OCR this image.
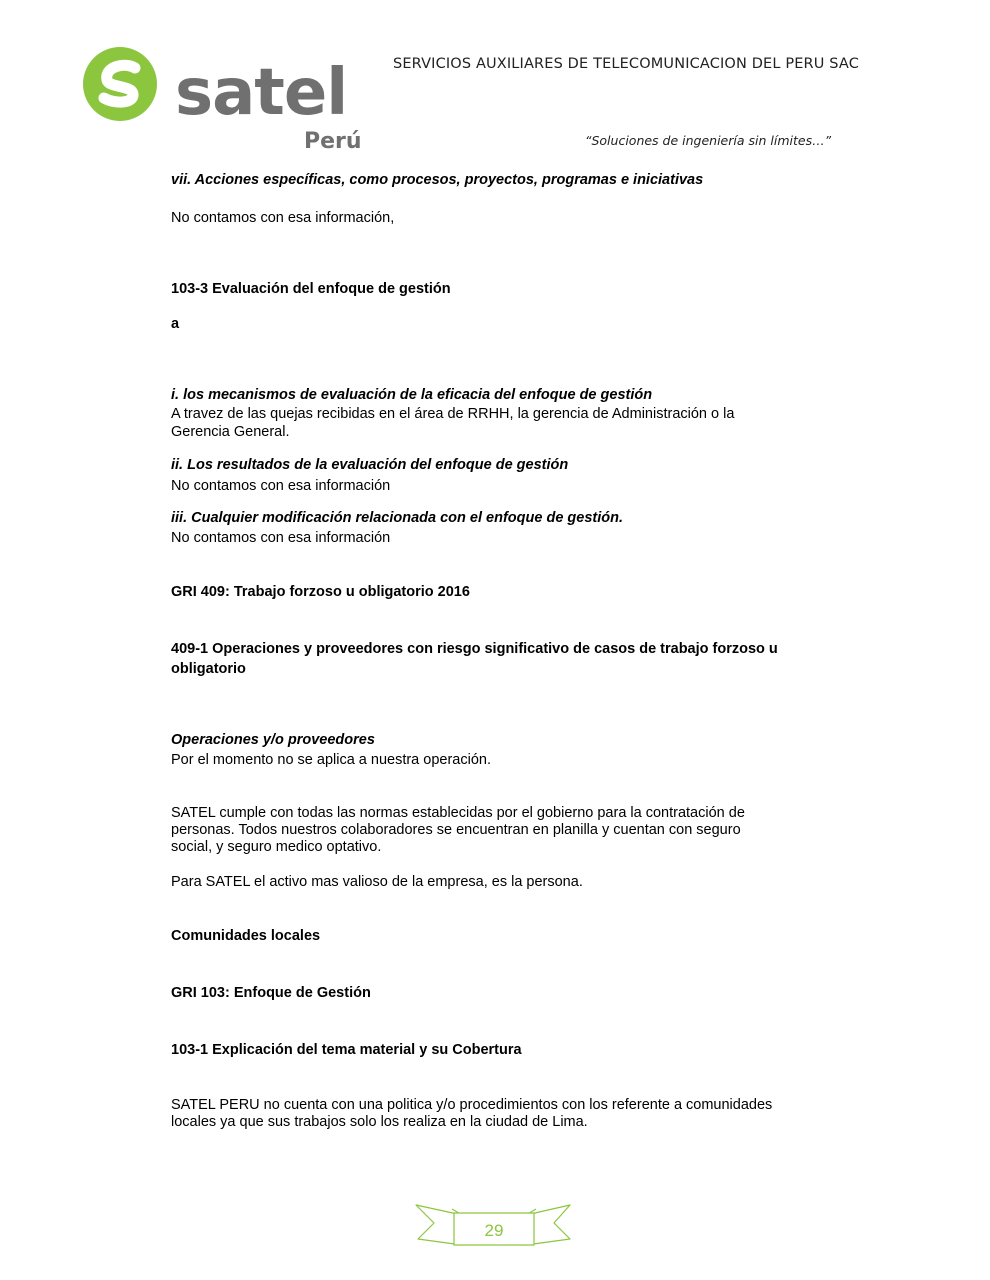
satel
Perú
SERVICIOS AUXILIARES DE TELECOMUNICACION DEL PERU SAC
“Soluciones de ingeniería sin límites…”
vii. Acciones específicas, como procesos, proyectos, programas e iniciativas
No contamos con esa información,
103-3 Evaluación del enfoque de gestión
a
i. los mecanismos de evaluación de la eficacia del enfoque de gestión
A travez de las quejas recibidas en el área de RRHH, la gerencia de Administración o la
Gerencia General.
ii. Los resultados de la evaluación del enfoque de gestión
No contamos con esa información
iii. Cualquier modificación relacionada con el enfoque de gestión.
No contamos con esa información
GRI 409: Trabajo forzoso u obligatorio 2016
409-1 Operaciones y proveedores con riesgo significativo de casos de trabajo forzoso u
obligatorio
Operaciones y/o proveedores
Por el momento no se aplica a nuestra operación.
SATEL cumple con todas las normas establecidas por el gobierno para la contratación de
personas. Todos nuestros colaboradores se encuentran en planilla y cuentan con seguro
social, y seguro medico optativo.
Para SATEL el activo mas valioso de la empresa, es la persona.
Comunidades locales
GRI 103: Enfoque de Gestión
103-1 Explicación del tema material y su Cobertura
SATEL PERU no cuenta con una politica y/o procedimientos con los referente a comunidades
locales ya que sus trabajos solo los realiza en la ciudad de Lima.
29
